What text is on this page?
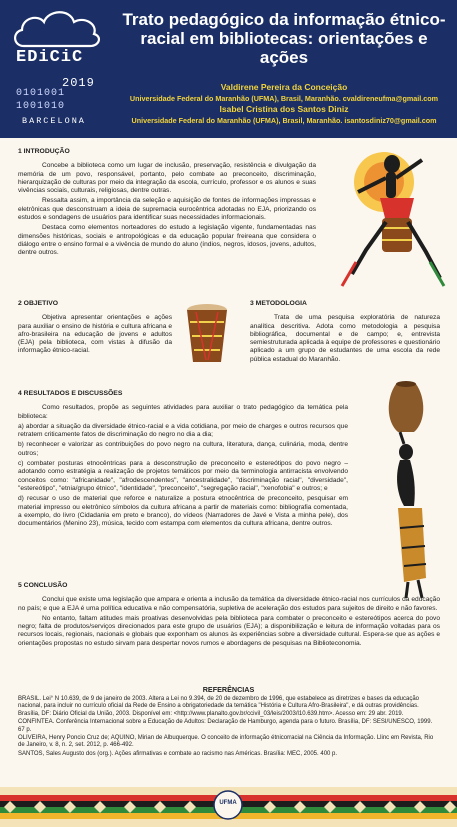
EDiCiC
2019
0101001
1001010
BARCELONA
Trato pedagógico da informação étnico-racial em bibliotecas: orientações e ações
Valdirene Pereira da Conceição
Universidade Federal do Maranhão (UFMA), Brasil, Maranhão. cvaldireneufma@gmail.com
Isabel Cristina dos Santos Diniz
Universidade Federal do Maranhão (UFMA), Brasil, Maranhão. isantosdiniz70@gmail.com
1 INTRODUÇÃO

Concebe a biblioteca como um lugar de inclusão, preservação, resistência e divulgação da memória de um povo, responsável, portanto, pelo combate ao preconceito, discriminação, hierarquização de culturas por meio da integração da escola, currículo, professor e os alunos e suas vivências sociais, culturais, religiosas, dentre outras.

Ressalta assim, a importância da seleção e aquisição de fontes de informações impressas e eletrônicas que desconstruam a ideia de supremacia eurocêntrica adotadas no EJA, priorizando os estudos e sondagens de usuários para identificar suas necessidades informacionais.

Destaca como elementos norteadores do estudo a legislação vigente, fundamentadas nas dimensões históricas, sociais e antropológicas e da educação popular freireana que considera o diálogo entre o ensino formal e a vivência de mundo do aluno (índios, negros, idosos, jovens, adultos, dentre outros.

2 OBJETIVO

Objetiva apresentar orientações e ações para auxiliar o ensino de história e cultura africana e afro-brasileira na educação de jovens e adultos (EJA) pela biblioteca, com vistas à difusão da informação étnico-racial.

3 METODOLOGIA

Trata de uma pesquisa exploratória de natureza analítica descritiva. Adota como metodologia a pesquisa bibliográfica, documental e de campo; e, entrevista semiestruturada aplicada à equipe de professores e questionário aplicado a um grupo de estudantes de uma escola da rede pública estadual do Maranhão.

4 RESULTADOS E DISCUSSÕES

Como resultados, propõe as seguintes atividades para auxiliar o trato pedagógico da temática pela biblioteca:

a) abordar a situação da diversidade étnico-racial e a vida cotidiana, por meio de charges e outros recursos que retratem criticamente fatos de discriminação do negro no dia a dia;

b) reconhecer e valorizar as contribuições do povo negro na cultura, literatura, dança, culinária, moda, dentre outros;

c) combater posturas etnocêntricas para a desconstrução de preconceito e estereótipos do povo negro – adotando como estratégia a realização de projetos temáticos por meio da terminologia antirracista envolvendo conceitos como: "africanidade", "afrodescendentes", "ancestralidade", "discriminação racial", "diversidade", "estereótipo", "etnia/grupo étnico", "identidade", "preconceito", "segregação racial", "xenofobia" e outros; e

d) recusar o uso de material que reforce e naturalize a postura etnocêntrica de preconceito, pesquisar em material impresso ou eletrônico símbolos da cultura africana a partir de materiais como: bibliografia comentada, a exemplo, do livro (Cidadania em preto e branco), do vídeos (Narradores de Javé e Vista a minha pele), dos documentários (Menino 23), música, tecido com estampa com elementos da cultura africana, dentre outros.

5 CONCLUSÃO

Conclui que existe uma legislação que ampara e orienta a inclusão da temática da diversidade étnico-racial nos currículos da educação no país; e que a EJA é uma política educativa e não compensatória, supletiva de aceleração dos estudos para sujeitos de direito e não favores.

No entanto, faltam atitudes mais proativas desenvolvidas pela biblioteca para combater o preconceito e estereótipos acerca do povo negro; falta de produtos/serviços direcionados para este grupo de usuários (EJA); a disponibilização e leitura de informação voltadas para os recursos locais, regionais, nacionais e globais que exponham os alunos às experiências sobre a diversidade cultural. Espera-se que as ações e orientações propostas no estudo sirvam para despertar novos rumos e abordagens de pesquisas na Biblioteconomia.

REFERÊNCIAS
BRASIL. Lei° N 10.639, de 9 de janeiro de 2003. Altera a Lei no 9.394, de 20 de dezembro de 1996, que estabelece as diretrizes e bases da educação nacional, para incluir no currículo oficial da Rede de Ensino a obrigatoriedade da temática "História e Cultura Afro-Brasileira", e dá outras providências. Brasília, DF: Diário Oficial da União, 2003. Disponível em: <http://www.planalto.gov.br/ccivil_03/leis/2003/l10.639.htm>. Acesso em: 29 abr. 2019.
CONFINTEA. Conferência Internacional sobre a Educação de Adultos: Declaração de Hamburgo, agenda para o futuro. Brasília, DF: SESI/UNESCO, 1999. 67 p.
OLIVEIRA, Henry Poncio Cruz de; AQUINO, Mirian de Albuquerque. O conceito de informação étnicorracial na Ciência da Informação. Llinc em Revista, Rio de Janeiro, v. 8, n. 2, set. 2012, p. 466-492.
SANTOS, Sales Augusto dos (org.). Ações afirmativas e combate ao racismo nas Américas. Brasília: MEC, 2005. 400 p.
UFMA
